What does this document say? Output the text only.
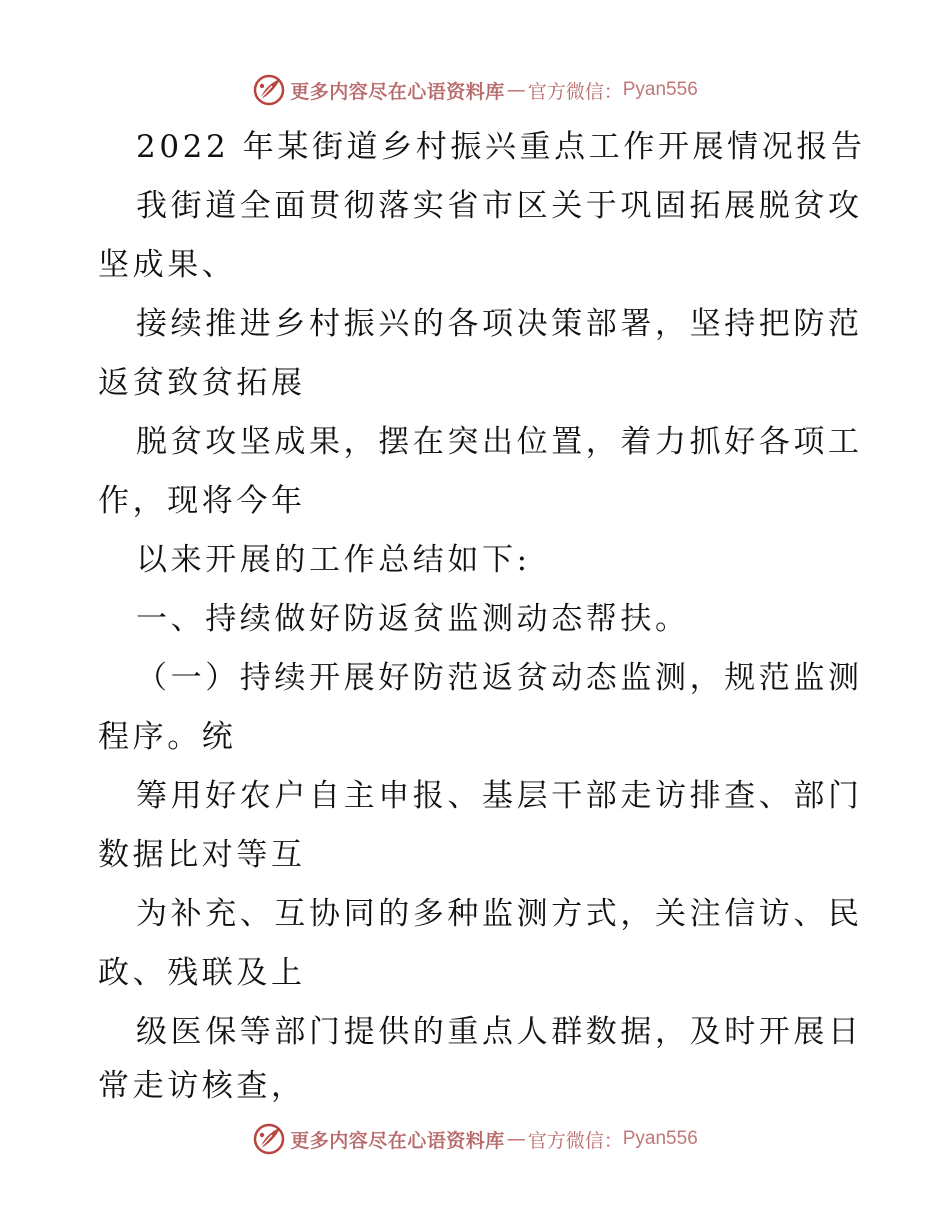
更多内容尽在心语资料库 — 官方微信： Pyan556
2022 年某街道乡村振兴重点工作开展情况报告
我街道全面贯彻落实省市区关于巩固拓展脱贫攻
坚成果、
接续推进乡村振兴的各项决策部署，坚持把防范
返贫致贫拓展
脱贫攻坚成果，摆在突出位置，着力抓好各项工
作，现将今年
以来开展的工作总结如下:
一、持续做好防返贫监测动态帮扶。
（一）持续开展好防范返贫动态监测，规范监测
程序。统
筹用好农户自主申报、基层干部走访排查、部门
数据比对等互
为补充、互协同的多种监测方式，关注信访、民
政、残联及上
级医保等部门提供的重点人群数据，及时开展日
常走访核查，
更多内容尽在心语资料库 — 官方微信： Pyan556
